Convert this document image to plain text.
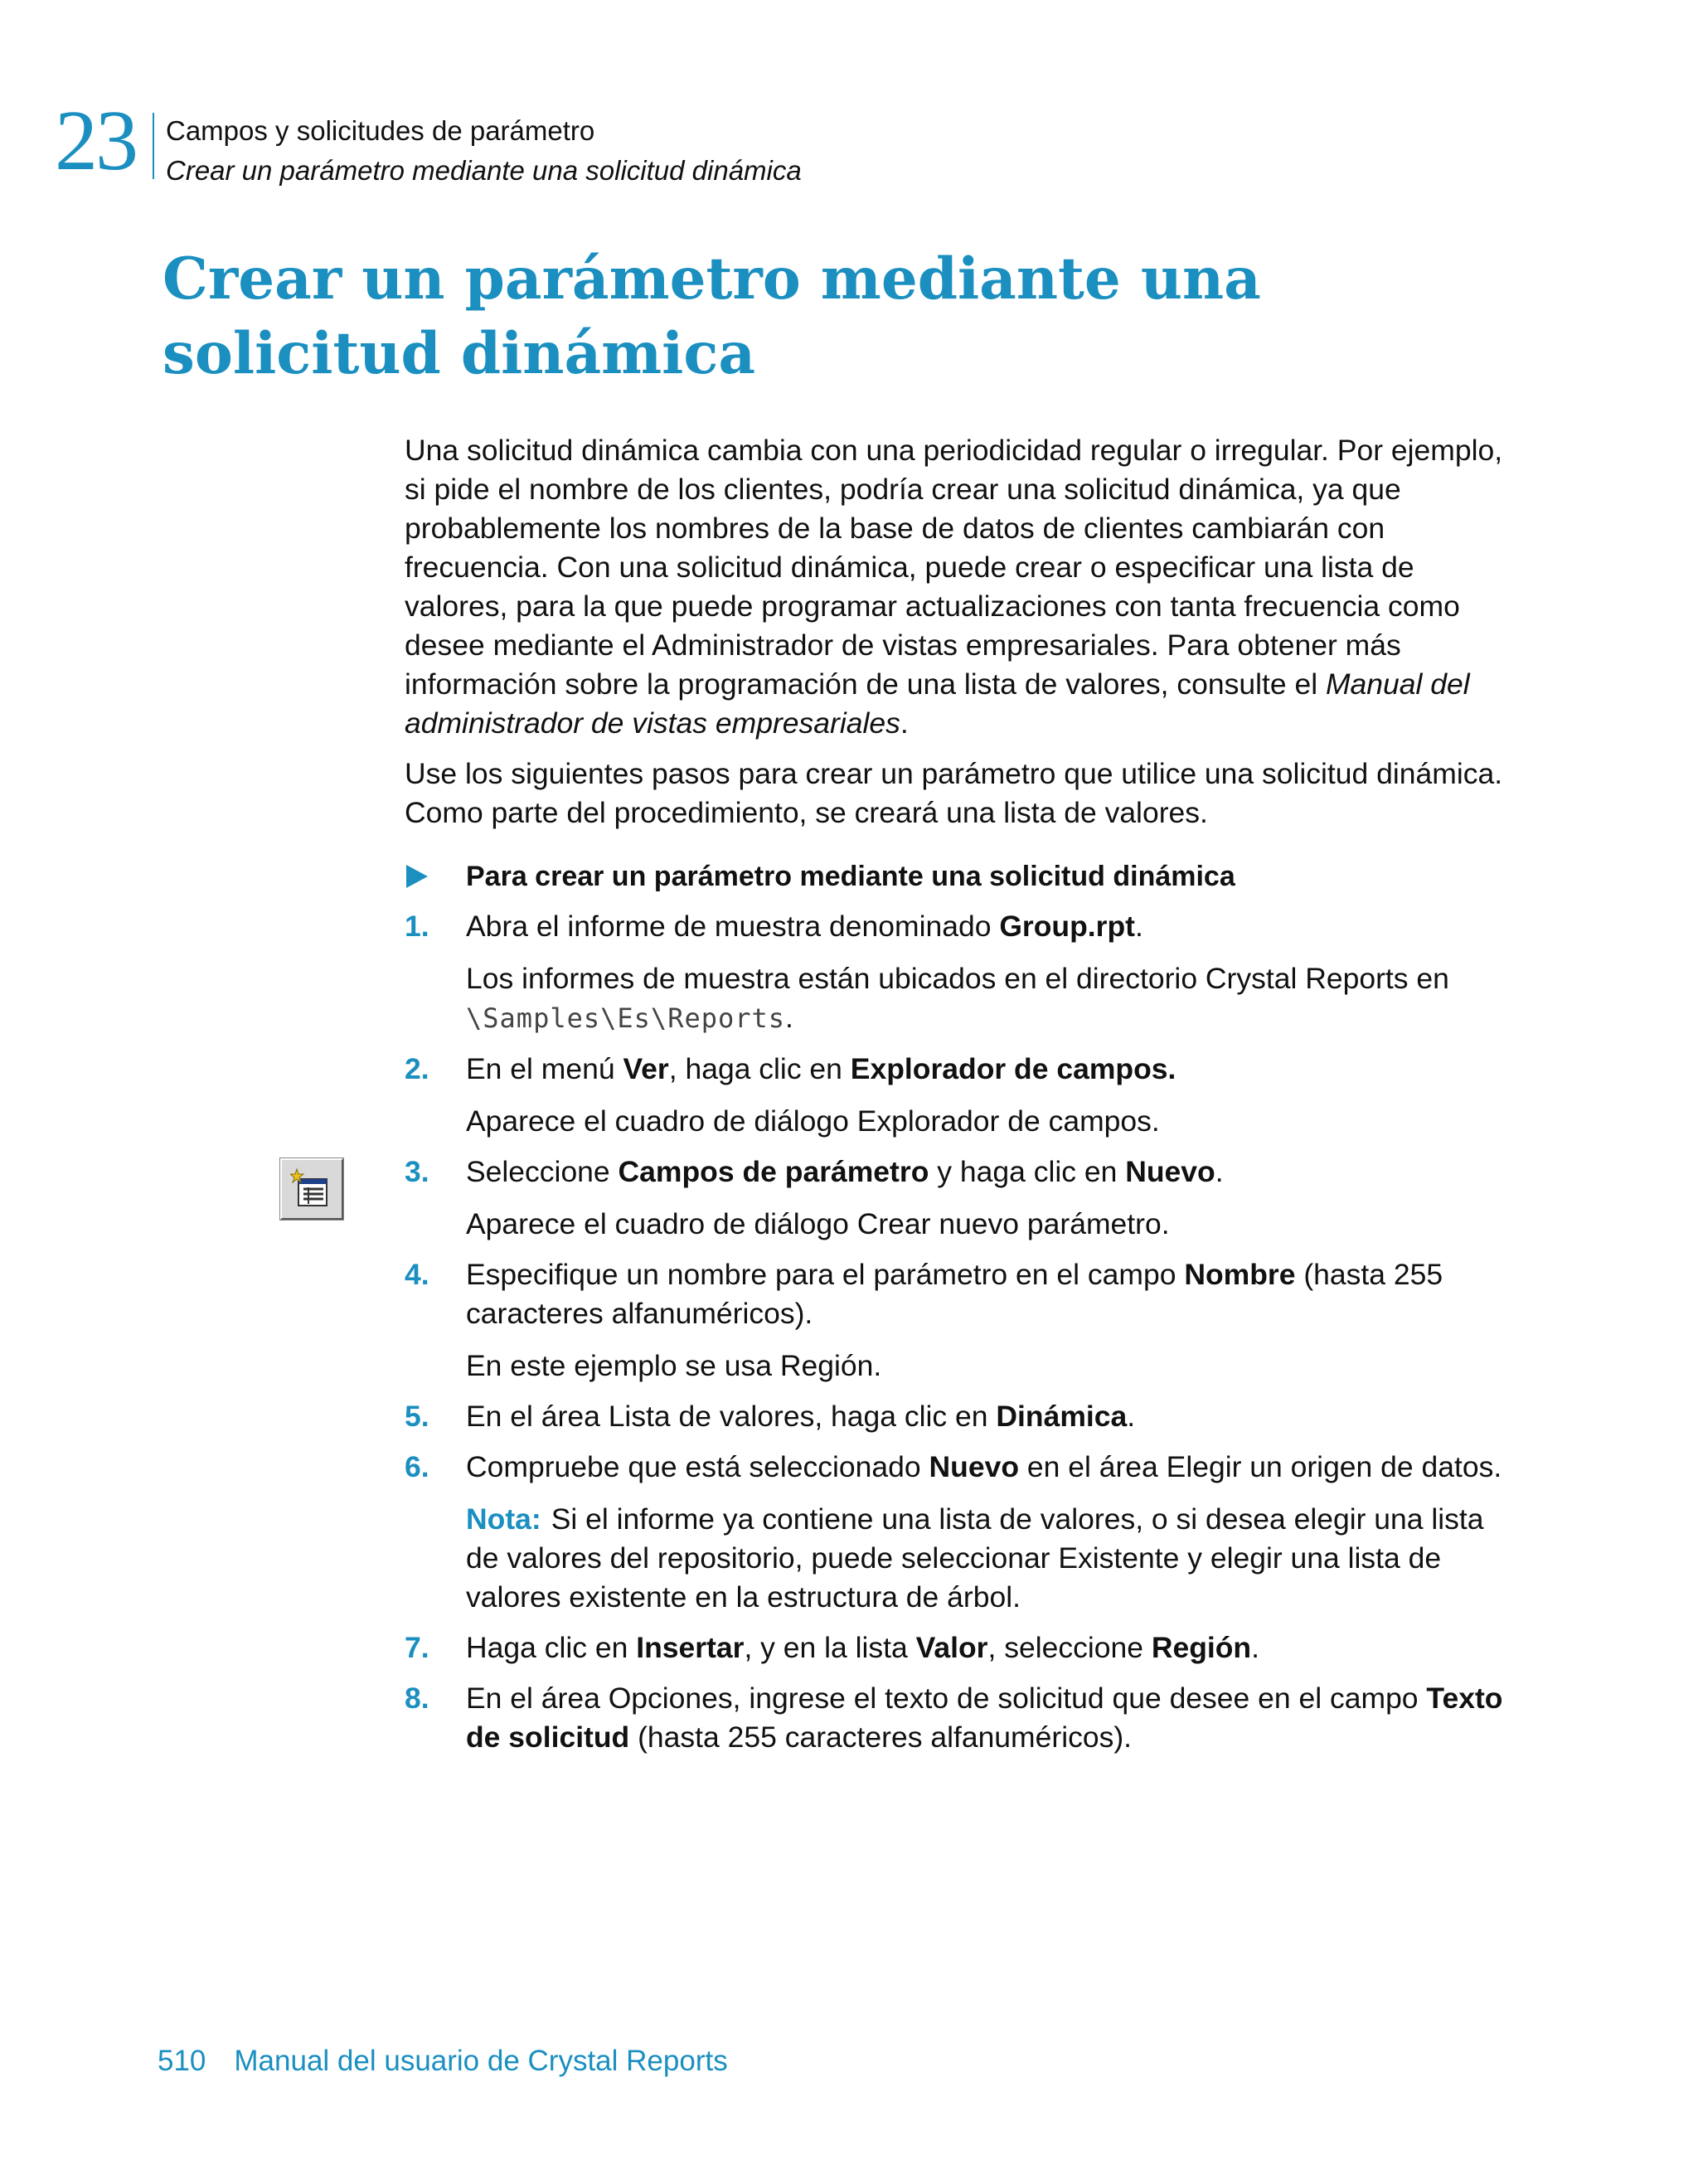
23 Campos y solicitudes de parámetro
Crear un parámetro mediante una solicitud dinámica
Crear un parámetro mediante una solicitud dinámica

Una solicitud dinámica cambia con una periodicidad regular o irregular. Por ejemplo, si pide el nombre de los clientes, podría crear una solicitud dinámica, ya que probablemente los nombres de la base de datos de clientes cambiarán con frecuencia. Con una solicitud dinámica, puede crear o especificar una lista de valores, para la que puede programar actualizaciones con tanta frecuencia como desee mediante el Administrador de vistas empresariales. Para obtener más información sobre la programación de una lista de valores, consulte el Manual del administrador de vistas empresariales.

Use los siguientes pasos para crear un parámetro que utilice una solicitud dinámica. Como parte del procedimiento, se creará una lista de valores.

Para crear un parámetro mediante una solicitud dinámica
1. Abra el informe de muestra denominado Group.rpt.
Los informes de muestra están ubicados en el directorio Crystal Reports en \Samples\Es\Reports.
2. En el menú Ver, haga clic en Explorador de campos.
Aparece el cuadro de diálogo Explorador de campos.
3. Seleccione Campos de parámetro y haga clic en Nuevo.
Aparece el cuadro de diálogo Crear nuevo parámetro.
4. Especifique un nombre para el parámetro en el campo Nombre (hasta 255 caracteres alfanuméricos).
En este ejemplo se usa Región.
5. En el área Lista de valores, haga clic en Dinámica.
6. Compruebe que está seleccionado Nuevo en el área Elegir un origen de datos.
Nota: Si el informe ya contiene una lista de valores, o si desea elegir una lista de valores del repositorio, puede seleccionar Existente y elegir una lista de valores existente en la estructura de árbol.
7. Haga clic en Insertar, y en la lista Valor, seleccione Región.
8. En el área Opciones, ingrese el texto de solicitud que desee en el campo Texto de solicitud (hasta 255 caracteres alfanuméricos).
510 Manual del usuario de Crystal Reports
